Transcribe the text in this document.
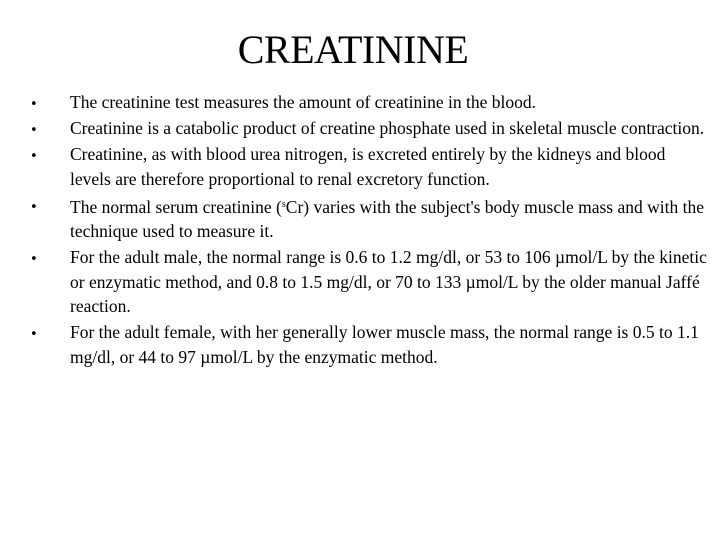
CREATININE
•
The creatinine test measures the amount of creatinine in the blood.
•
Creatinine is a catabolic product of creatine phosphate used in skeletal muscle contraction.
•
Creatinine, as with blood urea nitrogen, is excreted entirely by the kidneys and blood levels are therefore proportional to renal excretory function.
•
The normal serum creatinine ($^s$Cr) varies with the subject's body muscle mass and with the technique used to measure it.
•
For the adult male, the normal range is 0.6 to 1.2 mg/dl, or 53 to 106 µmol/L by the kinetic or enzymatic method, and 0.8 to 1.5 mg/dl, or 70 to 133 µmol/L by the older manual Jaffé reaction.
•
For the adult female, with her generally lower muscle mass, the normal range is 0.5 to 1.1 mg/dl, or 44 to 97 µmol/L by the enzymatic method.
